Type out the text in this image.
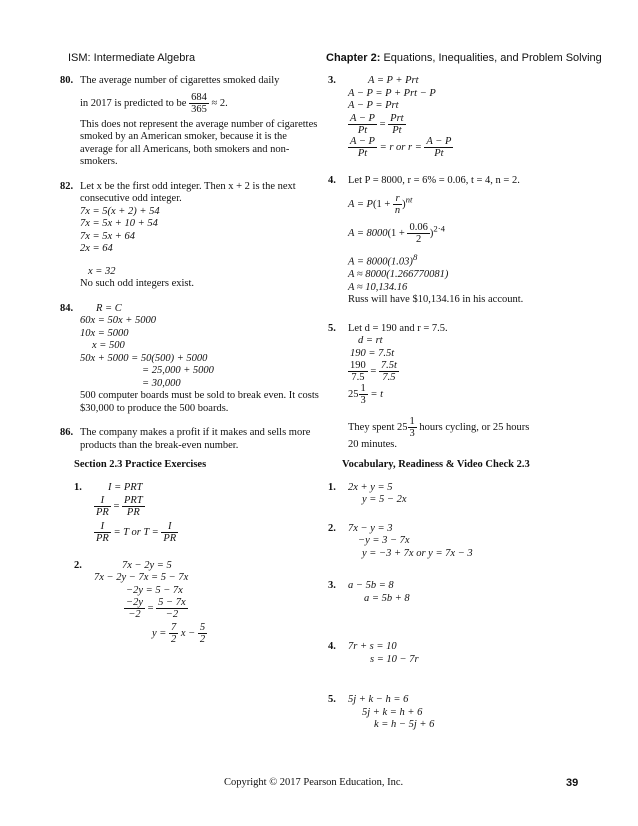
ISM: Intermediate Algebra	Chapter 2: Equations, Inequalities, and Problem Solving
80. The average number of cigarettes smoked daily
in 2017 is predicted to be $\frac{684}{365} \approx 2$.
This does not represent the average number of cigarettes smoked by an American smoker, because it is the average for all Americans, both smokers and non-smokers.
82. Let x be the first odd integer. Then x + 2 is the next consecutive odd integer.
7x = 5(x + 2) + 54
7x = 5x + 10 + 54
7x = 5x + 64
2x = 64
x = 32
No such odd integers exist.
84.	R = C
60x = 50x + 5000
10x = 5000
x = 500
50x + 5000 = 50(500) + 5000
= 25,000 + 5000
= 30,000
500 computer boards must be sold to break even. It costs $30,000 to produce the 500 boards.
86. The company makes a profit if it makes and sells more products than the break-even number.
Section 2.3 Practice Exercises
1.	I = PRT
$\frac{I}{PR} = \frac{\text{PRT}}{PR}$
$\frac{I}{PR} = T$ or $T = \frac{I}{PR}$
2.	7x − 2y = 5
7x − 2y − 7x = 5 − 7x
−2y = 5 − 7x
$\frac{-2y}{-2} = \frac{5 - 7x}{-2}$
$y = \frac{7}{2}$ $x - \frac{5}{2}$
3.	A = P + Prt
A − P = P + Prt − P
A − P = Prt
$\frac{A - P}{Pt} = \frac{\text{Prt}}{Pt}$
$\frac{A - P}{Pt} = r$ or $r = \frac{A - P}{Pt}$
4.	Let P = 8000, r = 6% = 0.06, t = 4, n = 2.
$A = P(1 + \frac{r}{n} )^{nt}$
$A = 8000(1 + \frac{0.06}{2} )^{2\cdot 4}$
$A = 8000(1.03)^8$
A ≈ 8000(1.266770081)
A ≈ 10,134.16
Russ will have $10,134.16 in his account.
5.	Let d = 190 and r = 7.5.
d = rt
190 = 7.5t
$\frac{190}{7.5} = \frac{7.5t}{7.5}$
$25 \frac{1}{3} = t$
They spent $25 \frac{1}{3}$ hours cycling, or 25 hours
20 minutes.
Vocabulary, Readiness & Video Check 2.3
1.	2x + y = 5
y = 5 − 2x
2.	7x − y = 3
−y = 3 − 7x
y = −3 + 7x or y = 7x − 3
3.	a − 5b = 8
a = 5b + 8
4.	7r + s = 10
s = 10 − 7r
5.	5j + k − h = 6
5j + k = h + 6
k = h − 5j + 6
Copyright © 2017 Pearson Education, Inc.	39
